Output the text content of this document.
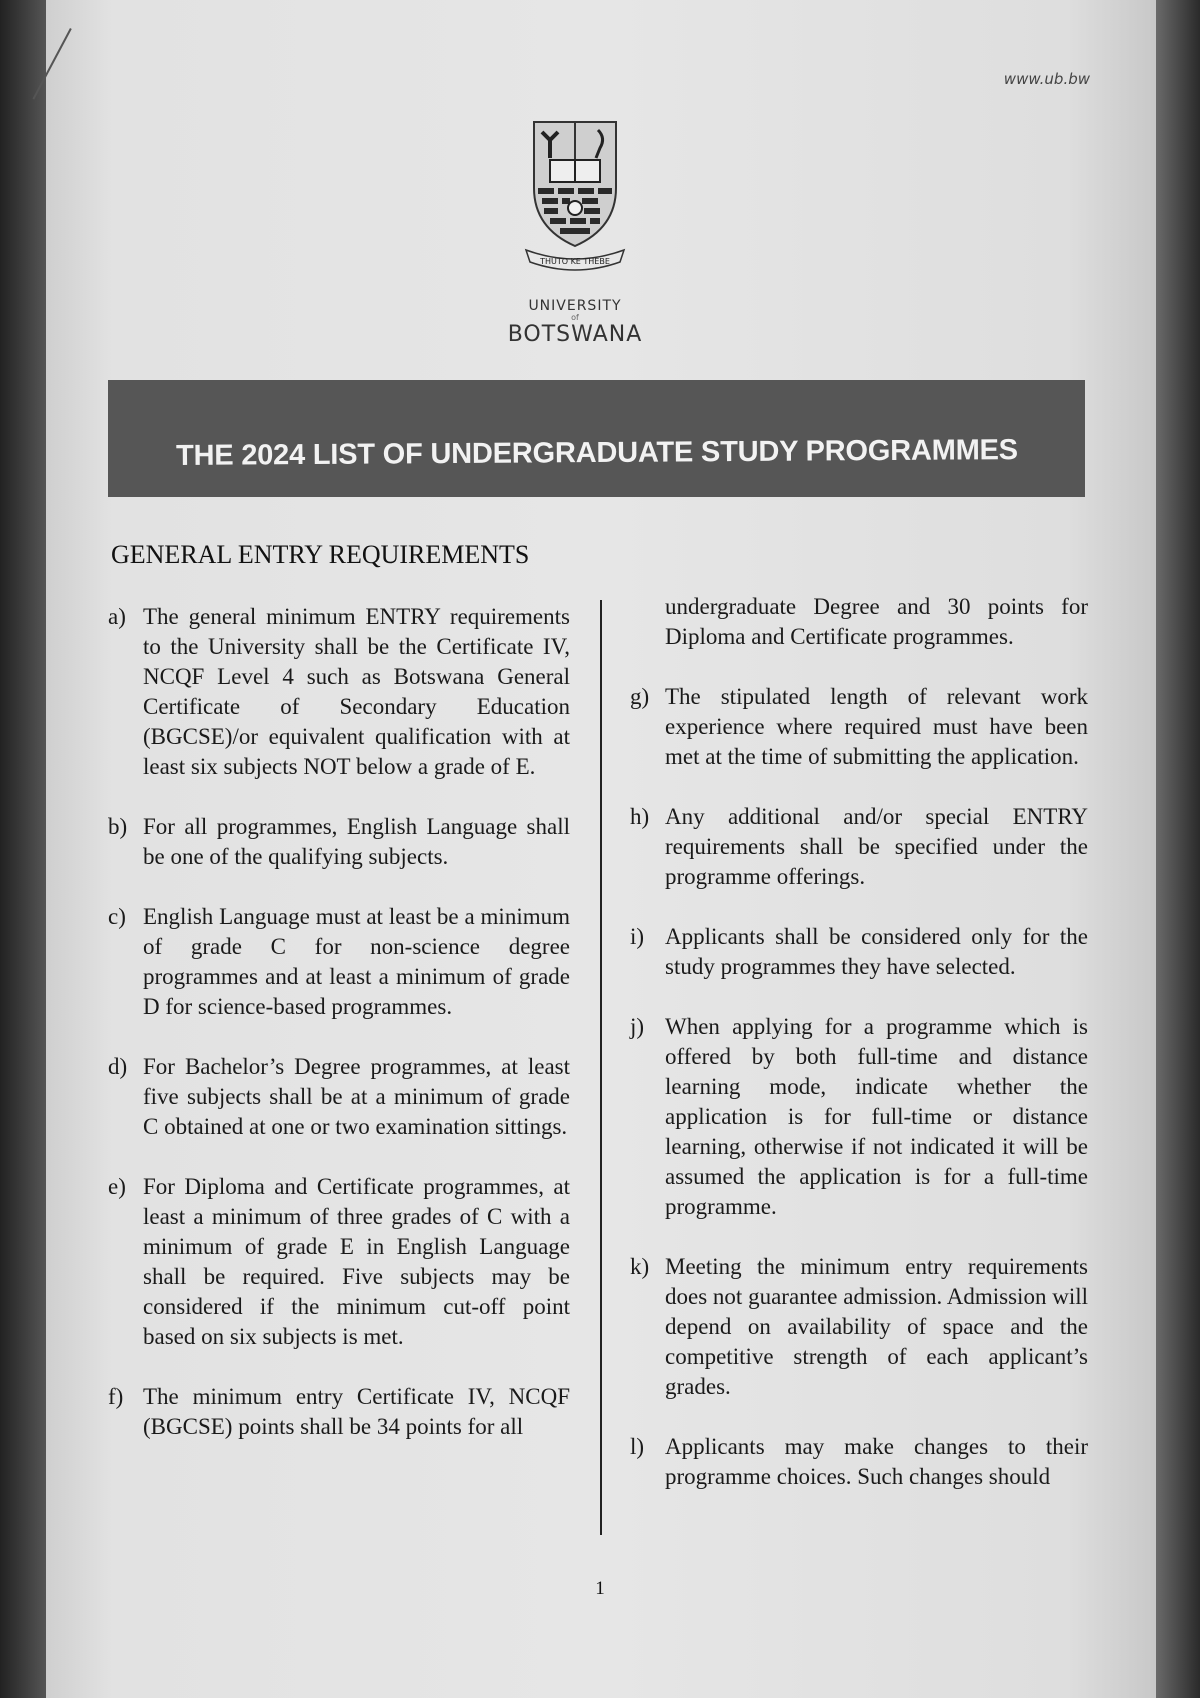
www.ub.bw
THUTO KE THEBE
UNIVERSITY
of
BOTSWANA
THE 2024 LIST OF UNDERGRADUATE STUDY PROGRAMMES
GENERAL ENTRY REQUIREMENTS
a) The general minimum ENTRY requirements to the University shall be the Certificate IV, NCQF Level 4 such as Botswana General Certificate of Secondary Education (BGCSE)/or equivalent qualification with at least six subjects NOT below a grade of E.
b) For all programmes, English Language shall be one of the qualifying subjects.
c) English Language must at least be a minimum of grade C for non-science degree programmes and at least a minimum of grade D for science-based programmes.
d) For Bachelor’s Degree programmes, at least five subjects shall be at a minimum of grade C obtained at one or two examination sittings.
e) For Diploma and Certificate programmes, at least a minimum of three grades of C with a minimum of grade E in English Language shall be required. Five subjects may be considered if the minimum cut-off point based on six subjects is met.
f) The minimum entry Certificate IV, NCQF (BGCSE) points shall be 34 points for all
undergraduate Degree and 30 points for Diploma and Certificate programmes.
g) The stipulated length of relevant work experience where required must have been met at the time of submitting the application.
h) Any additional and/or special ENTRY requirements shall be specified under the programme offerings.
i) Applicants shall be considered only for the study programmes they have selected.
j) When applying for a programme which is offered by both full-time and distance learning mode, indicate whether the application is for full-time or distance learning, otherwise if not indicated it will be assumed the application is for a full-time programme.
k) Meeting the minimum entry requirements does not guarantee admission. Admission will depend on availability of space and the competitive strength of each applicant’s grades.
l) Applicants may make changes to their programme choices. Such changes should
1
